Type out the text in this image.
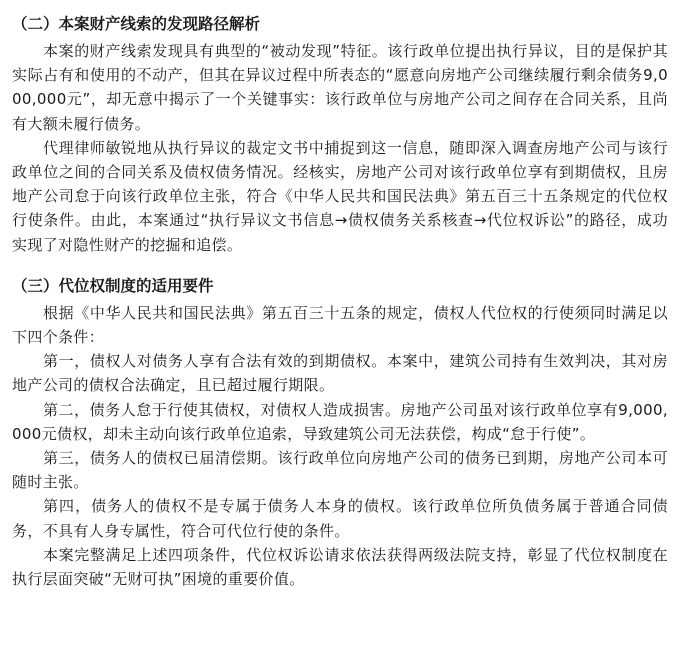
（二）本案财产线索的发现路径解析

本案的财产线索发现具有典型的“被动发现”特征。该行政单位提出执行异议，目的是保护其实际占有和使用的不动产，但其在异议过程中所表态的“愿意向房地产公司继续履行剩余债务9,000,000元”，却无意中揭示了一个关键事实：该行政单位与房地产公司之间存在合同关系，且尚有大额未履行债务。

代理律师敏锐地从执行异议的裁定文书中捕捉到这一信息，随即深入调查房地产公司与该行政单位之间的合同关系及债权债务情况。经核实，房地产公司对该行政单位享有到期债权，且房地产公司怠于向该行政单位主张，符合《中华人民共和国民法典》第五百三十五条规定的代位权行使条件。由此，本案通过“执行异议文书信息→债权债务关系核查→代位权诉讼”的路径，成功实现了对隐性财产的挖掘和追偿。

（三）代位权制度的适用要件

根据《中华人民共和国民法典》第五百三十五条的规定，债权人代位权的行使须同时满足以下四个条件：

第一，债权人对债务人享有合法有效的到期债权。本案中，建筑公司持有生效判决，其对房地产公司的债权合法确定，且已超过履行期限。

第二，债务人怠于行使其债权，对债权人造成损害。房地产公司虽对该行政单位享有9,000,000元债权，却未主动向该行政单位追索，导致建筑公司无法获偿，构成“怠于行使”。

第三，债务人的债权已届清偿期。该行政单位向房地产公司的债务已到期，房地产公司本可随时主张。

第四，债务人的债权不是专属于债务人本身的债权。该行政单位所负债务属于普通合同债务，不具有人身专属性，符合可代位行使的条件。

本案完整满足上述四项条件，代位权诉讼请求依法获得两级法院支持，彰显了代位权制度在执行层面突破“无财可执”困境的重要价值。
